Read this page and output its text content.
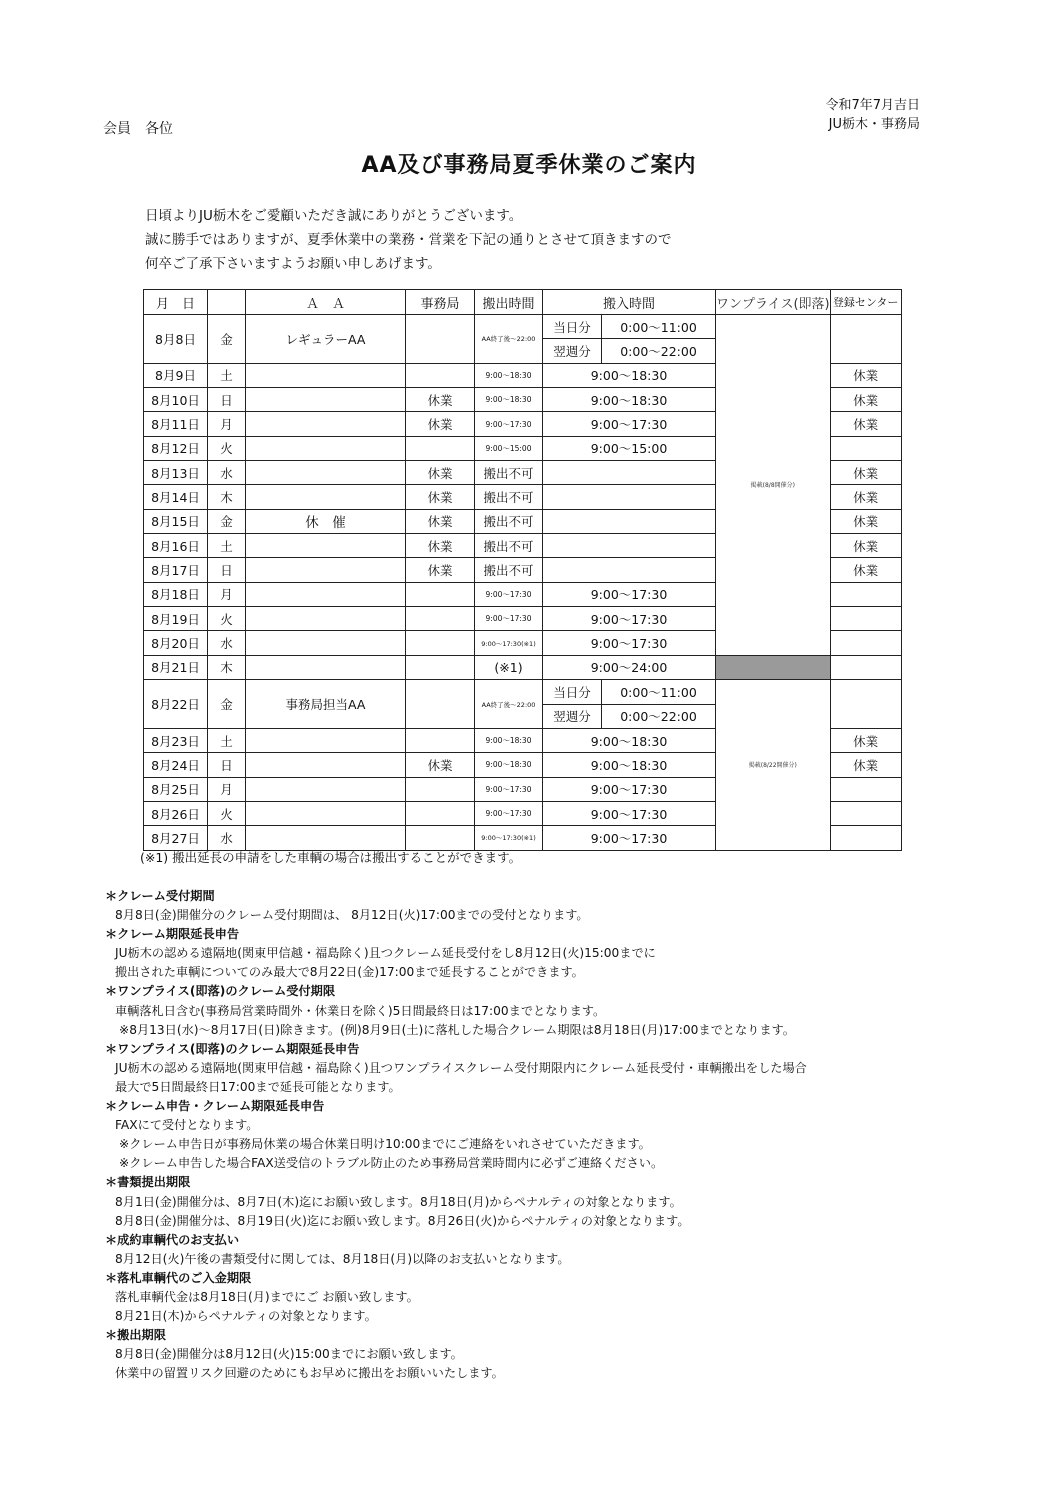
令和7年7月吉日
JU栃木・事務局
会員　各位
AA及び事務局夏季休業のご案内
日頃よりJU栃木をご愛顧いただき誠にありがとうございます。
誠に勝手ではありますが、夏季休業中の業務・営業を下記の通りとさせて頂きますので
何卒ご了承下さいますようお願い申しあげます。
月　日		Ａ　Ａ	事務局	搬出時間	搬入時間		ワンプライス(即落)	登録センター
8月8日	金	レギュラーAA		AA終了後〜22:00	当日分	0:00〜11:00	掲載(8/8開催分)	
					翌週分	0:00〜22:00		
8月9日	土			9:00〜18:30	9:00〜18:30			休業
8月10日	日		休業	9:00〜18:30	9:00〜18:30			休業
8月11日	月		休業	9:00〜17:30	9:00〜17:30			休業
8月12日	火			9:00〜15:00	9:00〜15:00			
8月13日	水		休業	搬出不可				休業
8月14日	木		休業	搬出不可				休業
8月15日	金	休　催	休業	搬出不可				休業
8月16日	土		休業	搬出不可				休業
8月17日	日		休業	搬出不可				休業
8月18日	月			9:00〜17:30	9:00〜17:30			
8月19日	火			9:00〜17:30	9:00〜17:30			
8月20日	水			9:00〜17:30(※1)	9:00〜17:30			
8月21日	木			(※1)	9:00〜24:00			
8月22日	金	事務局担当AA		AA終了後〜22:00	当日分	0:00〜11:00	掲載(8/22開催分)	
					翌週分	0:00〜22:00		
8月23日	土			9:00〜18:30	9:00〜18:30			休業
8月24日	日		休業	9:00〜18:30	9:00〜18:30			休業
8月25日	月			9:00〜17:30	9:00〜17:30			
8月26日	火			9:00〜17:30	9:00〜17:30			
8月27日	水			9:00〜17:30(※1)	9:00〜17:30			
(※1) 搬出延長の申請をした車輌の場合は搬出することができます。
＊クレーム受付期間
8月8日(金)開催分のクレーム受付期間は、 8月12日(火)17:00までの受付となります。
＊クレーム期限延長申告
JU栃木の認める遠隔地(関東甲信越・福島除く)且つクレーム延長受付をし8月12日(火)15:00までに
搬出された車輌についてのみ最大で8月22日(金)17:00まで延長することができます。
＊ワンプライス(即落)のクレーム受付期限
車輌落札日含む(事務局営業時間外・休業日を除く)5日間最終日は17:00までとなります。
※8月13日(水)〜8月17日(日)除きます。(例)8月9日(土)に落札した場合クレーム期限は8月18日(月)17:00までとなります。
＊ワンプライス(即落)のクレーム期限延長申告
JU栃木の認める遠隔地(関東甲信越・福島除く)且つワンプライスクレーム受付期限内にクレーム延長受付・車輌搬出をした場合
最大で5日間最終日17:00まで延長可能となります。
＊クレーム申告・クレーム期限延長申告
FAXにて受付となります。
※クレーム申告日が事務局休業の場合休業日明け10:00までにご連絡をいれさせていただきます。
※クレーム申告した場合FAX送受信のトラブル防止のため事務局営業時間内に必ずご連絡ください。
＊書類提出期限
8月1日(金)開催分は、8月7日(木)迄にお願い致します。8月18日(月)からペナルティの対象となります。
8月8日(金)開催分は、8月19日(火)迄にお願い致します。8月26日(火)からペナルティの対象となります。
＊成約車輌代のお支払い
8月12日(火)午後の書類受付に関しては、8月18日(月)以降のお支払いとなります。
＊落札車輌代のご入金期限
落札車輌代金は8月18日(月)までにご お願い致します。
8月21日(木)からペナルティの対象となります。
＊搬出期限
8月8日(金)開催分は8月12日(火)15:00までにお願い致します。
休業中の留置リスク回避のためにもお早めに搬出をお願いいたします。
